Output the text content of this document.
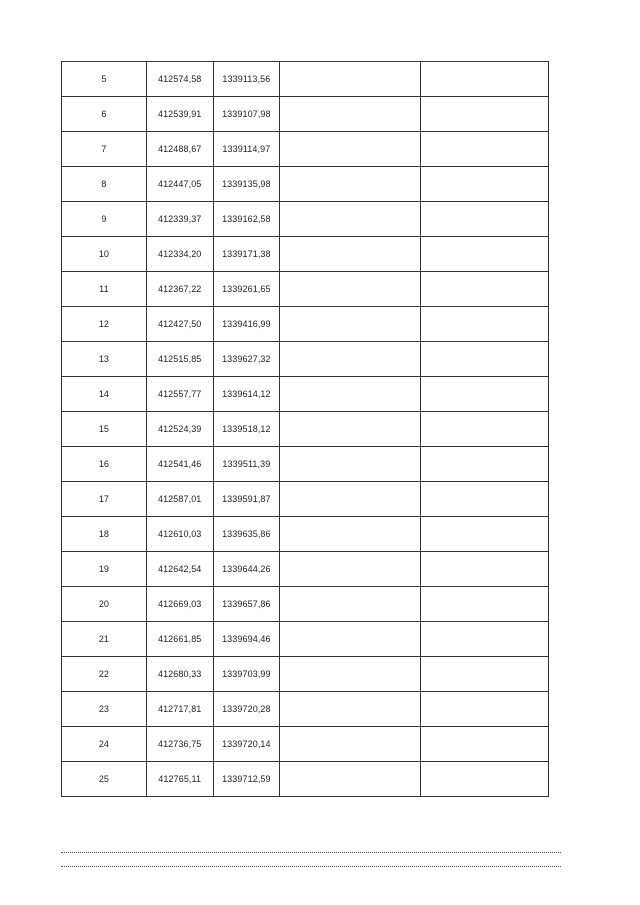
5	412574,58	1339113,56		
6	412539,91	1339107,98		
7	412488,67	1339114,97		
8	412447,05	1339135,98		
9	412339,37	1339162,58		
10	412334,20	1339171,38		
11	412367,22	1339261,65		
12	412427,50	1339416,99		
13	412515,85	1339627,32		
14	412557,77	1339614,12		
15	412524,39	1339518,12		
16	412541,46	1339511,39		
17	412587,01	1339591,87		
18	412610,03	1339635,86		
19	412642,54	1339644,26		
20	412669,03	1339657,86		
21	412661,85	1339694,46		
22	412680,33	1339703,99		
23	412717,81	1339720,28		
24	412736,75	1339720,14		
25	412765,11	1339712,59		
